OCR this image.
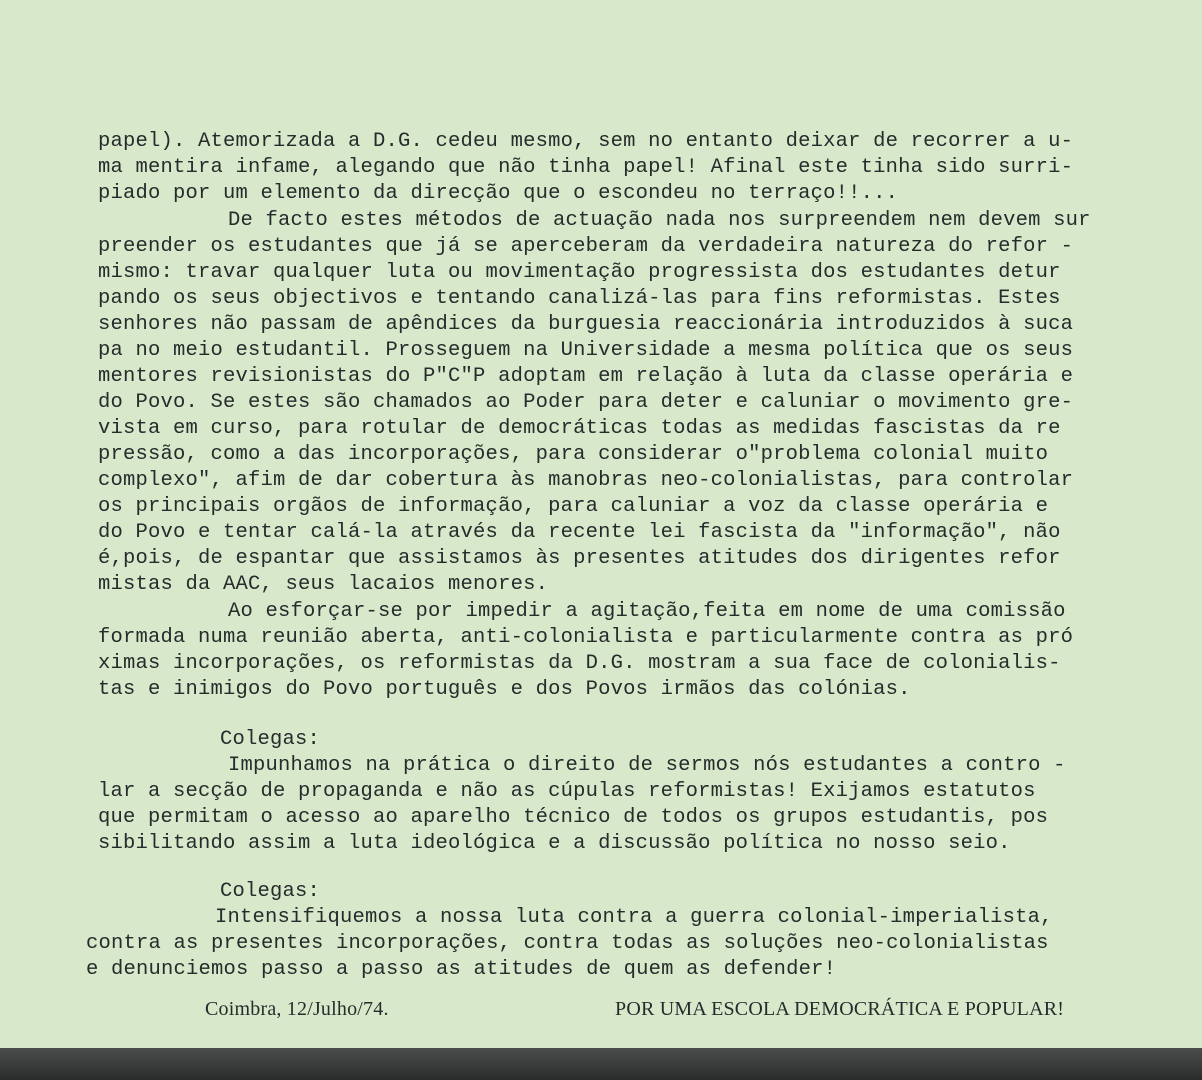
papel). Atemorizada a D.G. cedeu mesmo, sem no entanto deixar de recorrer a u-
ma mentira infame, alegando que não tinha papel! Afinal este tinha sido surri-
piado por um elemento da direcção que o escondeu no terraço!!...
De facto estes métodos de actuação nada nos surpreendem nem devem sur
preender os estudantes que já se aperceberam da verdadeira natureza do refor -
mismo: travar qualquer luta ou movimentação progressista dos estudantes detur
pando os seus objectivos e tentando canalizá-las para fins reformistas. Estes
senhores não passam de apêndices da burguesia reaccionária introduzidos à suca
pa no meio estudantil. Prosseguem na Universidade a mesma política que os seus
mentores revisionistas do P"C"P adoptam em relação à luta da classe operária e
do Povo. Se estes são chamados ao Poder para deter e caluniar o movimento gre-
vista em curso, para rotular de democráticas todas as medidas fascistas da re
pressão, como a das incorporações, para considerar o"problema colonial muito
complexo", afim de dar cobertura às manobras neo-colonialistas, para controlar
os principais orgãos de informação, para caluniar a voz da classe operária e
do Povo e tentar calá-la através da recente lei fascista da "informação", não
é,pois, de espantar que assistamos às presentes atitudes dos dirigentes refor
mistas da AAC, seus lacaios menores.
Ao esforçar-se por impedir a agitação,feita em nome de uma comissão
formada numa reunião aberta, anti-colonialista e particularmente contra as pró
ximas incorporações, os reformistas da D.G. mostram a sua face de colonialis-
tas e inimigos do Povo português e dos Povos irmãos das colónias.
Colegas:
Impunhamos na prática o direito de sermos nós estudantes a contro -
lar a secção de propaganda e não as cúpulas reformistas! Exijamos estatutos
que permitam o acesso ao aparelho técnico de todos os grupos estudantis, pos
sibilitando assim a luta ideológica e a discussão política no nosso seio.
Colegas:
Intensifiquemos a nossa luta contra a guerra colonial-imperialista,
contra as presentes incorporações, contra todas as soluções neo-colonialistas
e denunciemos passo a passo as atitudes de quem as defender!
Coimbra, 12/Julho/74.	POR UMA ESCOLA DEMOCRÁTICA E POPULAR!
